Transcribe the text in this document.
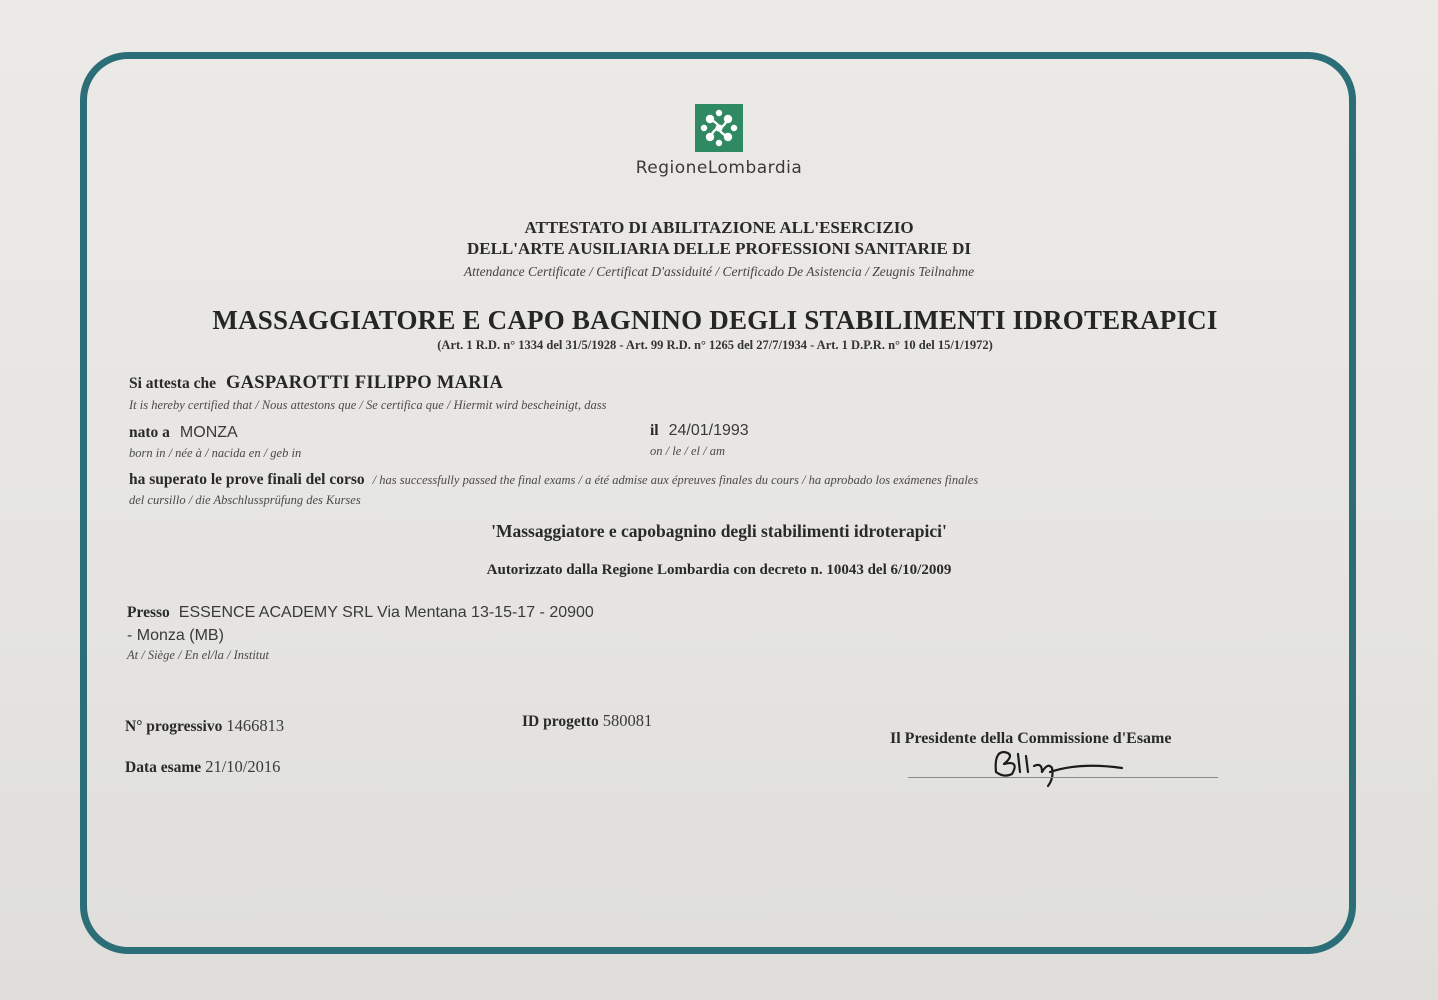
RegioneLombardia
ATTESTATO DI ABILITAZIONE ALL'ESERCIZIO
DELL'ARTE AUSILIARIA DELLE PROFESSIONI SANITARIE DI
Attendance Certificate / Certificat D'assiduité / Certificado De Asistencia / Zeugnis Teilnahme
MASSAGGIATORE E CAPO BAGNINO DEGLI STABILIMENTI IDROTERAPICI
(Art. 1 R.D. n° 1334 del 31/5/1928 - Art. 99 R.D. n° 1265 del 27/7/1934 - Art. 1 D.P.R. n° 10 del 15/1/1972)
Si attesta che GASPAROTTI FILIPPO MARIA
It is hereby certified that / Nous attestons que / Se certifica que / Hiermit wird bescheinigt, dass
nato a MONZA
born in / née à / nacida en / geb in
il 24/01/1993
on / le / el / am
ha superato le prove finali del corso / has successfully passed the final exams / a été admise aux épreuves finales du cours / ha aprobado los exámenes finales
del cursillo / die Abschlussprüfung des Kurses
'Massaggiatore e capobagnino degli stabilimenti idroterapici'
Autorizzato dalla Regione Lombardia con decreto n. 10043 del 6/10/2009
Presso ESSENCE ACADEMY SRL Via Mentana 13-15-17 - 20900
- Monza (MB)
At / Siège / En el/la / Institut
N° progressivo 1466813	ID progetto 580081
Data esame 21/10/2016
Il Presidente della Commissione d'Esame
